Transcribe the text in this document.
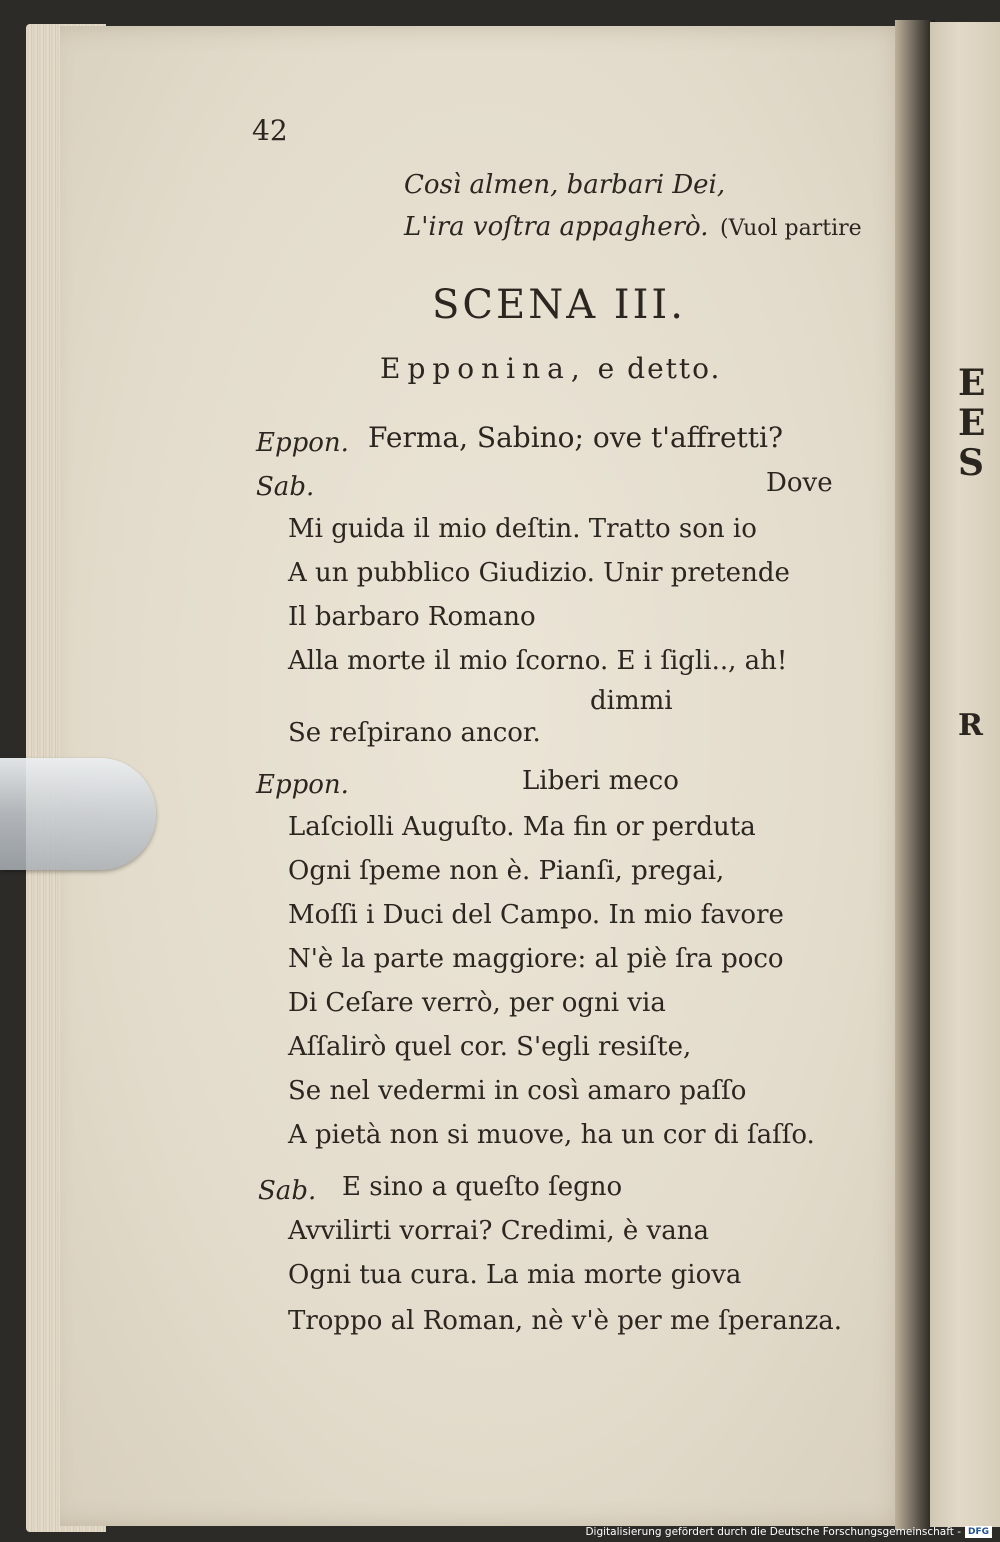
E
E
S
R
42
Così almen, barbari Dei,
L'ira voſtra appagherò. (Vuol partire
SCENA III.
Epponina, e detto.
Eppon. Ferma, Sabino; ove t'affretti?
Sab.	Dove
Mi guida il mio deſtin. Tratto son io
A un pubblico Giudizio. Unir pretende
Il barbaro Romano
Alla morte il mio ſcorno. E i ſigli.., ah!
dimmi
Se reſpirano ancor.
Eppon.	Liberi meco
Laſciolli Auguſto. Ma fin or perduta
Ogni ſpeme non è. Pianſi, pregai,
Moſſi i Duci del Campo. In mio favore
N'è la parte maggiore: al piè ſra poco
Di Ceſare verrò, per ogni via
Aſſalirò quel cor. S'egli resiſte,
Se nel vedermi in così amaro paſſo
A pietà non si muove, ha un cor di ſaſſo.
Sab. E sino a queſto ſegno
Avvilirti vorrai? Credimi, è vana
Ogni tua cura. La mia morte giova
Troppo al Roman, nè v'è per me ſperanza.
Digitalisierung gefördert durch die Deutsche Forschungsgemeinschaft - DFG
